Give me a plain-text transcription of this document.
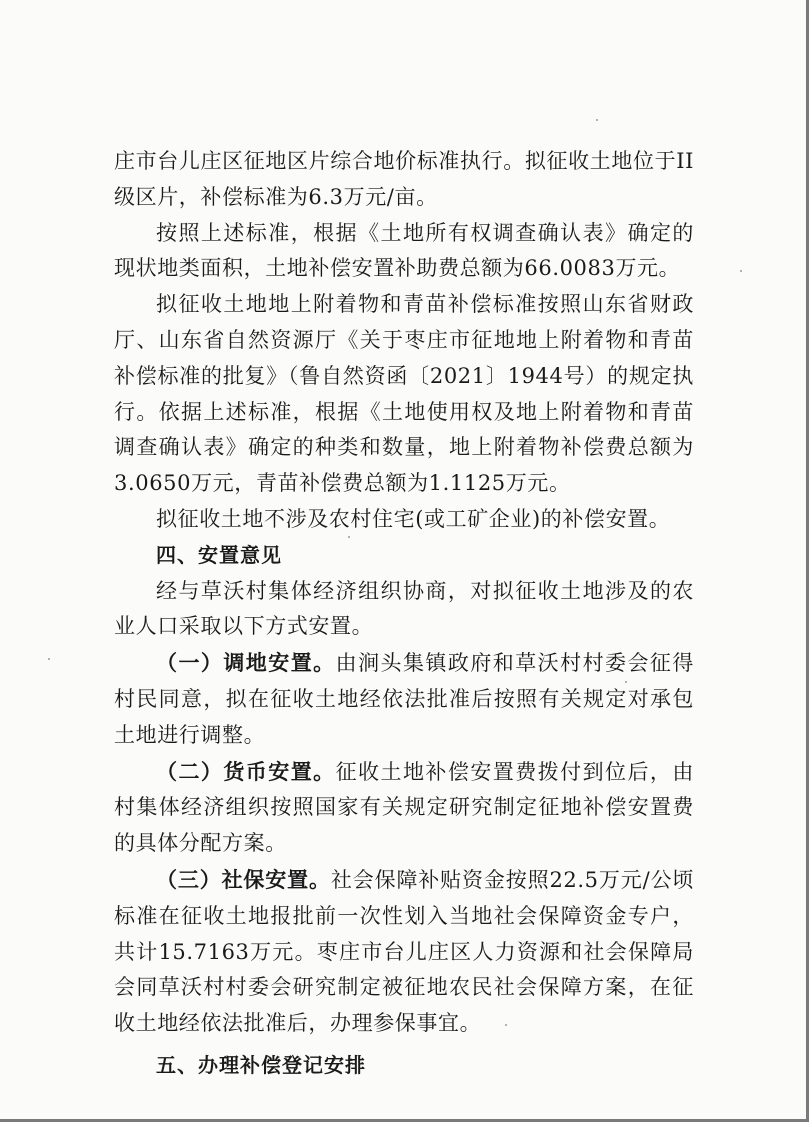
庄市台儿庄区征地区片综合地价标准执行。拟征收土地位于II级区片，补偿标准为6.3万元/亩。

按照上述标准，根据《土地所有权调查确认表》确定的现状地类面积，土地补偿安置补助费总额为66.0083万元。

拟征收土地地上附着物和青苗补偿标准按照山东省财政厅、山东省自然资源厅《关于枣庄市征地地上附着物和青苗补偿标准的批复》（鲁自然资函〔2021〕1944号）的规定执行。依据上述标准，根据《土地使用权及地上附着物和青苗调查确认表》确定的种类和数量，地上附着物补偿费总额为3.0650万元，青苗补偿费总额为1.1125万元。

拟征收土地不涉及农村住宅(或工矿企业)的补偿安置。

四、安置意见

经与草沃村集体经济组织协商，对拟征收土地涉及的农业人口采取以下方式安置。

（一）调地安置。由涧头集镇政府和草沃村村委会征得村民同意，拟在征收土地经依法批准后按照有关规定对承包土地进行调整。

（二）货币安置。征收土地补偿安置费拨付到位后，由村集体经济组织按照国家有关规定研究制定征地补偿安置费的具体分配方案。

（三）社保安置。社会保障补贴资金按照22.5万元/公顷标准在征收土地报批前一次性划入当地社会保障资金专户，共计15.7163万元。枣庄市台儿庄区人力资源和社会保障局会同草沃村村委会研究制定被征地农民社会保障方案，在征收土地经依法批准后，办理参保事宜。

五、办理补偿登记安排
